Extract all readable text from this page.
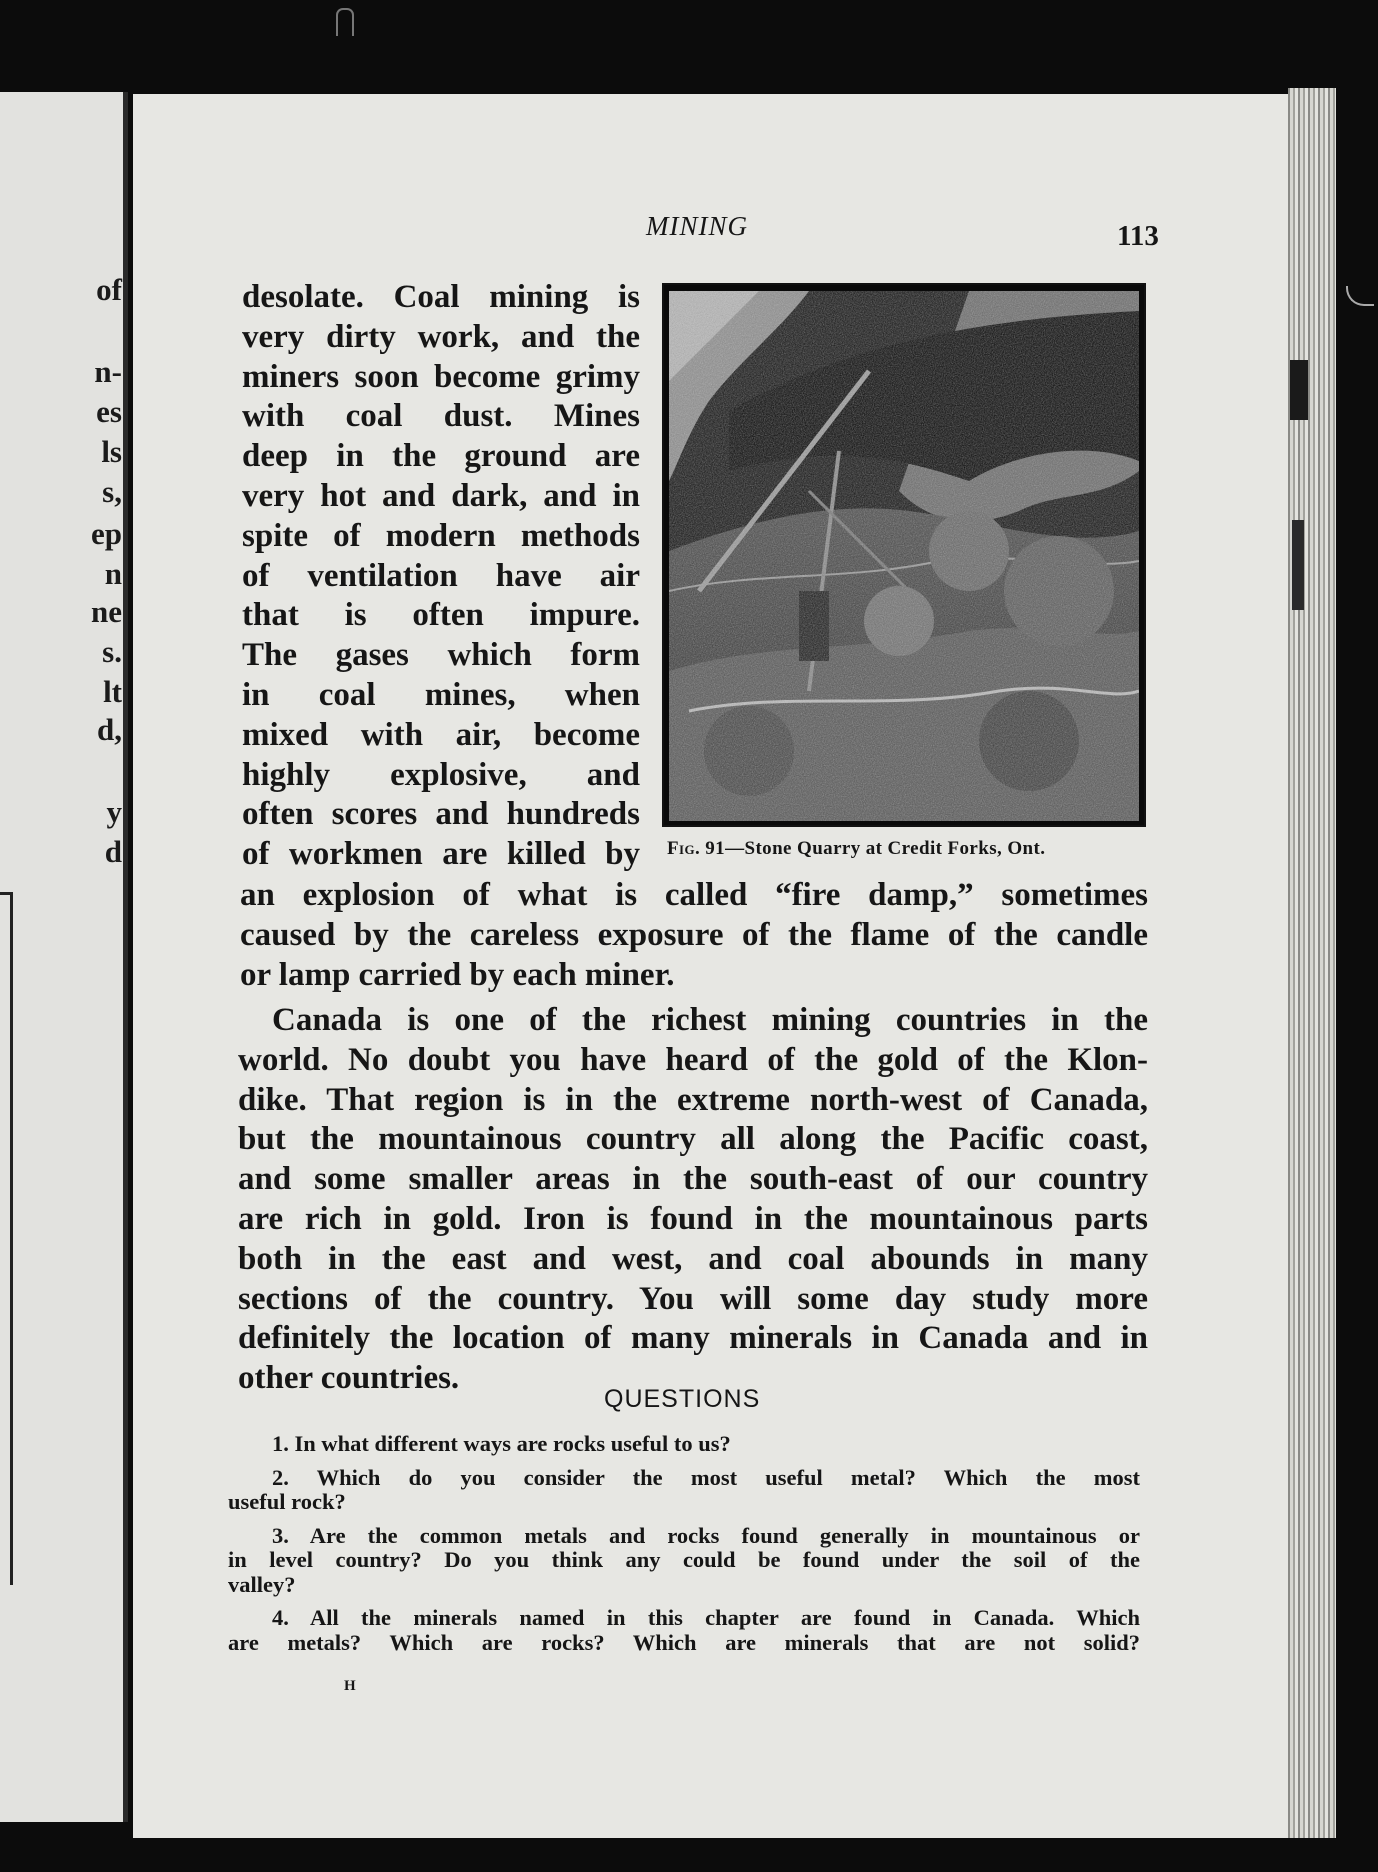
of
n-
es
ls
s,
ep
n
ne
s.
lt
d,
y
d
MINING	113
Fig. 91—Stone Quarry at Credit Forks, Ont.
desolate. Coal mining is
very dirty work, and the
miners soon become grimy
with coal dust. Mines
deep in the ground are
very hot and dark, and in
spite of modern methods
of ventilation have air
that is often impure.
The gases which form
in coal mines, when
mixed with air, become
highly explosive, and
often scores and hundreds
of workmen are killed by
an explosion of what is called “fire damp,” sometimes
caused by the careless exposure of the flame of the candle
or lamp carried by each miner.
Canada is one of the richest mining countries in the
world. No doubt you have heard of the gold of the Klon-
dike. That region is in the extreme north-west of Canada,
but the mountainous country all along the Pacific coast,
and some smaller areas in the south-east of our country
are rich in gold. Iron is found in the mountainous parts
both in the east and west, and coal abounds in many
sections of the country. You will some day study more
definitely the location of many minerals in Canada and in
other countries.
QUESTIONS
1. In what different ways are rocks useful to us?
2. Which do you consider the most useful metal? Which the most
useful rock?
3. Are the common metals and rocks found generally in mountainous or
in level country? Do you think any could be found under the soil of the
valley?
4. All the minerals named in this chapter are found in Canada. Which
are metals? Which are rocks? Which are minerals that are not solid?
H
